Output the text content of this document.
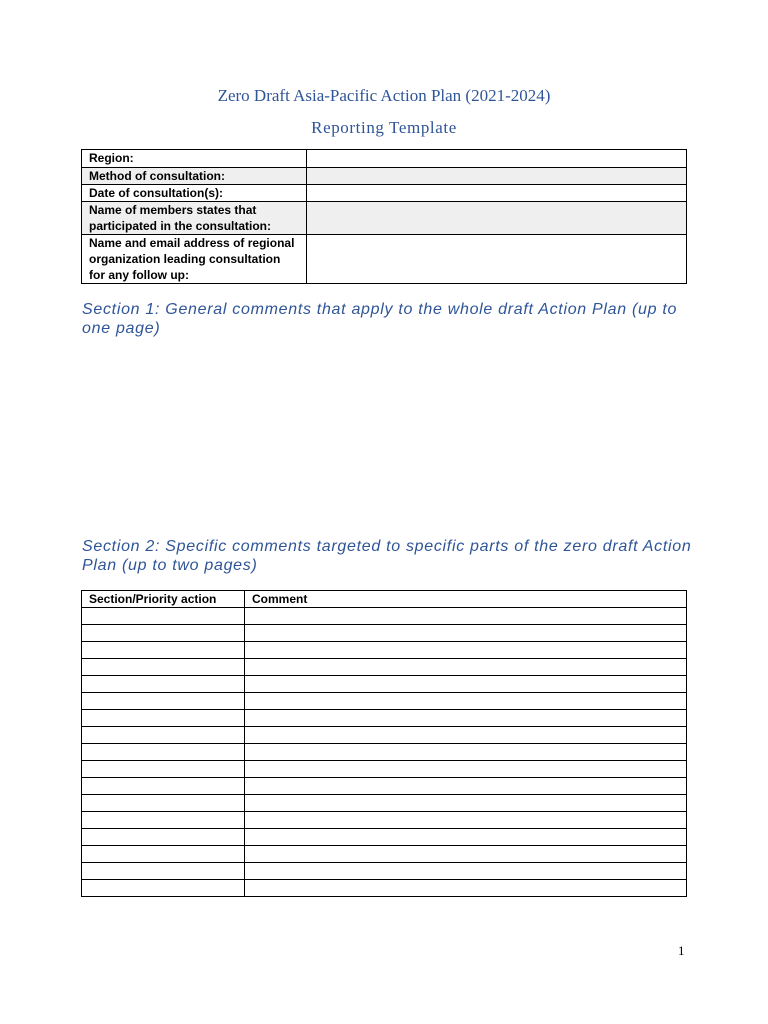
Zero Draft Asia-Pacific Action Plan (2021-2024)
Reporting Template
Region:	
Method of consultation:	
Date of consultation(s):	
Name of members states that participated in the consultation:	
Name and email address of regional organization leading consultation for any follow up:	

Section 1: General comments that apply to the whole draft Action Plan (up to one page)

Section 2: Specific comments targeted to specific parts of the zero draft Action Plan (up to two pages)

Section/Priority action	Comment

1
